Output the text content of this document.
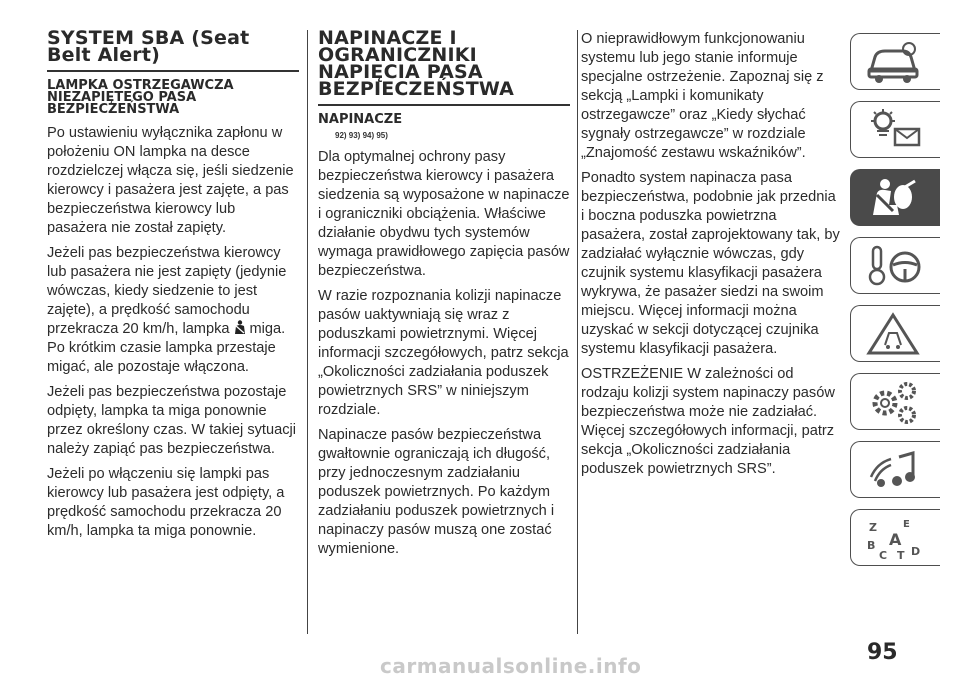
SYSTEM SBA (Seat Belt Alert)
LAMPKA OSTRZEGAWCZA NIEZAPIĘTEGO PASA BEZPIECZEŃSTWA

Po ustawieniu wyłącznika zapłonu w położeniu ON lampka na desce rozdzielczej włącza się, jeśli siedzenie kierowcy i pasażera jest zajęte, a pas bezpieczeństwa kierowcy lub pasażera nie został zapięty.

Jeżeli pas bezpieczeństwa kierowcy lub pasażera nie jest zapięty (jedynie wówczas, kiedy siedzenie to jest zajęte), a prędkość samochodu przekracza 20 km/h, lampka miga. Po krótkim czasie lampka przestaje migać, ale pozostaje włączona.

Jeżeli pas bezpieczeństwa pozostaje odpięty, lampka ta miga ponownie przez określony czas. W takiej sytuacji należy zapiąć pas bezpieczeństwa.

Jeżeli po włączeniu się lampki pas kierowcy lub pasażera jest odpięty, a prędkość samochodu przekracza 20 km/h, lampka ta miga ponownie.

NAPINACZE I OGRANICZNIKI NAPIĘCIA PASA BEZPIECZEŃSTWA
NAPINACZE
92) 93) 94) 95)

Dla optymalnej ochrony pasy bezpieczeństwa kierowcy i pasażera siedzenia są wyposażone w napinacze i ograniczniki obciążenia. Właściwe działanie obydwu tych systemów wymaga prawidłowego zapięcia pasów bezpieczeństwa.

W razie rozpoznania kolizji napinacze pasów uaktywniają się wraz z poduszkami powietrznymi. Więcej informacji szczegółowych, patrz sekcja „Okoliczności zadziałania poduszek powietrznych SRS” w niniejszym rozdziale.

Napinacze pasów bezpieczeństwa gwałtownie ograniczają ich długość, przy jednoczesnym zadziałaniu poduszek powietrznych. Po każdym zadziałaniu poduszek powietrznych i napinaczy pasów muszą one zostać wymienione.

O nieprawidłowym funkcjonowaniu systemu lub jego stanie informuje specjalne ostrzeżenie. Zapoznaj się z sekcją „Lampki i komunikaty ostrzegawcze” oraz „Kiedy słychać sygnały ostrzegawcze” w rozdziale „Znajomość zestawu wskaźników”.

Ponadto system napinacza pasa bezpieczeństwa, podobnie jak przednia i boczna poduszka powietrzna pasażera, został zaprojektowany tak, by zadziałać wyłącznie wówczas, gdy czujnik systemu klasyfikacji pasażera wykrywa, że pasażer siedzi na swoim miejscu. Więcej informacji można uzyskać w sekcji dotyczącej czujnika systemu klasyfikacji pasażera.

OSTRZEŻENIE W zależności od rodzaju kolizji system napinaczy pasów bezpieczeństwa może nie zadziałać. Więcej szczegółowych informacji, patrz sekcja „Okoliczności zadziałania poduszek powietrznych SRS”.

Z	E
B A
C T D
95
carmanualsonline.info
